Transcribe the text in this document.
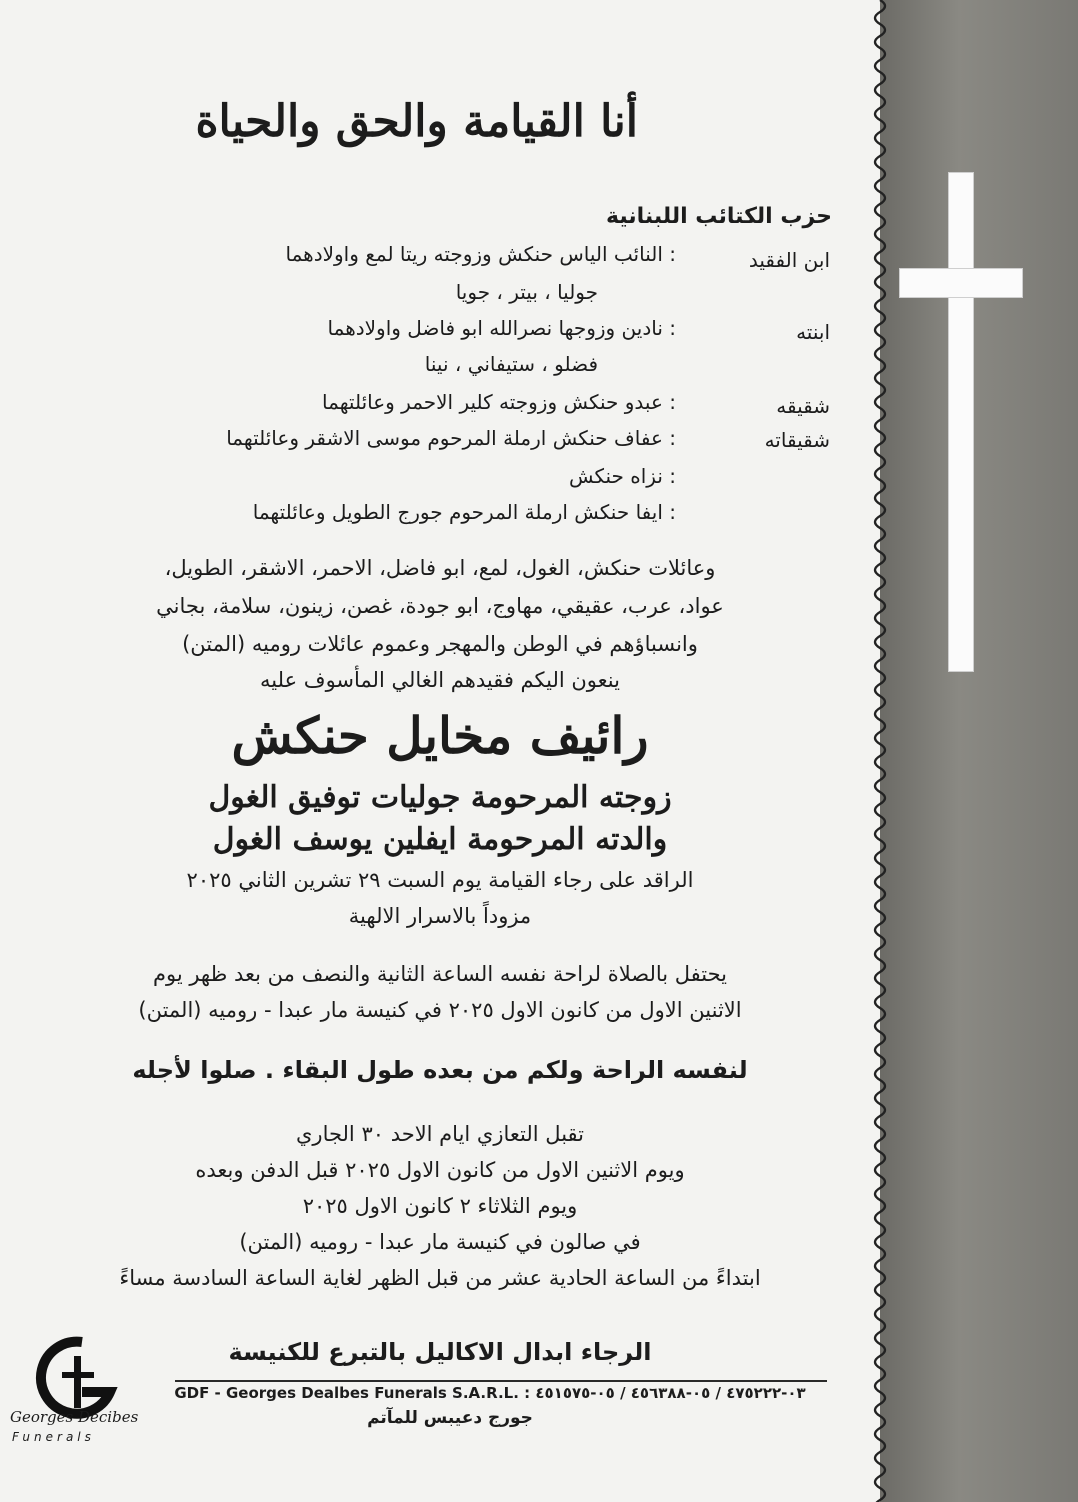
أنا القيامة والحق والحياة
حزب الكتائب اللبنانية
ابن الفقيد
: النائب الياس حنكش وزوجته ريتا لمع واولادهما
جوليا ، بيتر ، جويا
ابنته
: نادين وزوجها نصرالله ابو فاضل واولادهما
فضلو ، ستيفاني ، نينا
شقيقه
: عبدو حنكش وزوجته كلير الاحمر وعائلتهما
شقيقاته
: عفاف حنكش ارملة المرحوم موسى الاشقر وعائلتهما
: نزاه حنكش
: ايفا حنكش ارملة المرحوم جورج الطويل وعائلتهما
وعائلات حنكش، الغول، لمع، ابو فاضل، الاحمر، الاشقر، الطويل،
عواد، عرب، عقيقي، مهاوج، ابو جودة، غصن، زينون، سلامة، بجاني
وانسباؤهم في الوطن والمهجر وعموم عائلات روميه (المتن)
ينعون اليكم فقيدهم الغالي المأسوف عليه
رائيف مخايل حنكش
زوجته المرحومة جوليات توفيق الغول
والدته المرحومة ايفلين يوسف الغول
الراقد على رجاء القيامة يوم السبت ٢٩ تشرين الثاني ٢٠٢٥
مزوداً بالاسرار الالهية
يحتفل بالصلاة لراحة نفسه الساعة الثانية والنصف من بعد ظهر يوم
الاثنين الاول من كانون الاول ٢٠٢٥ في كنيسة مار عبدا - روميه (المتن)
لنفسه الراحة ولكم من بعده طول البقاء . صلوا لأجله
تقبل التعازي ايام الاحد ٣٠ الجاري
ويوم الاثنين الاول من كانون الاول ٢٠٢٥ قبل الدفن وبعده
ويوم الثلاثاء ٢ كانون الاول ٢٠٢٥
في صالون في كنيسة مار عبدا - روميه (المتن)
ابتداءً من الساعة الحادية عشر من قبل الظهر لغاية الساعة السادسة مساءً
الرجاء ابدال الاكاليل بالتبرع للكنيسة
GDF - Georges Dealbes Funerals S.A.R.L. : ٠٣-٤٧٥٢٢٢ / ٠٥-٤٥٦٣٨٨ / ٠٥-٤٥١٥٧٥
جورج دعيبس للمآتم
Georges Decibes
Funerals
